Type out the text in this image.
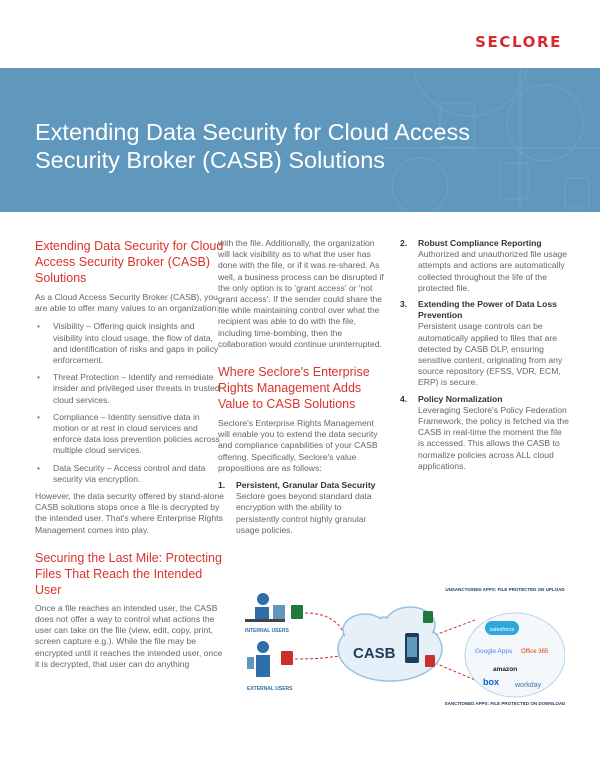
SECLORE
Extending Data Security for Cloud Access Security Broker (CASB) Solutions
Extending Data Security for Cloud Access Security Broker (CASB) Solutions

As a Cloud Access Security Broker (CASB), you are able to offer many values to an organization:

• Visibility – Offering quick insights and visibility into cloud usage, the flow of data, and identification of risks and gaps in policy enforcement.
• Threat Protection – Identify and remediate insider and privileged user threats in trusted cloud services.
• Compliance – Identity sensitive data in motion or at rest in cloud services and enforce data loss prevention policies across multiple cloud services.
• Data Security – Access control and data security via encryption.

However, the data security offered by stand-alone CASB solutions stops once a file is decrypted by the intended user. That's where Enterprise Rights Management comes into play.

Securing the Last Mile: Protecting Files That Reach the Intended User

Once a file reaches an intended user, the CASB does not offer a way to control what actions the user can take on the file (view, edit, copy, print, screen capture e.g.). While the file may be encrypted until it reaches the intended user, once it is decrypted, that user can do anything

with the file. Additionally, the organization will lack visibility as to what the user has done with the file, or if it was re-shared. As well, a business process can be disrupted if the only option is to 'grant access' or 'not grant access'. If the sender could share the file while maintaining control over what the recipient was able to do with the file, including time-bombing, then the collaboration would continue uninterrupted.

Where Seclore's Enterprise Rights Management Adds Value to CASB Solutions

Seclore's Enterprise Rights Management will enable you to extend the data security and compliance capabilities of your CASB offering. Specifically, Seclore's value propositions are as follows:

1. Persistent, Granular Data Security
Seclore goes beyond standard data encryption with the ability to persistently control highly granular usage policies.
2. Robust Compliance Reporting
Authorized and unauthorized file usage attempts and actions are automatically collected throughout the life of the protected file.
3. Extending the Power of Data Loss Prevention
Persistent usage controls can be automatically applied to files that are detected by CASB DLP, ensuring sensitive content, originating from any source repository (EFSS, VDR, ECM, ERP) is secure.
4. Policy Normalization
Leveraging Seclore's Policy Federation Framework, the policy is fetched via the CASB in real-time the moment the file is accessed. This allows the CASB to normalize policies across ALL cloud applications.
INTERNAL USERS
EXTERNAL USERS
CASB
UNSANCTIONED APPS: FILE PROTECTED ON UPLOAD
salesforce
Google Apps Office 365
amazon
box workday
SANCTIONED APPS: FILE PROTECTED ON DOWNLOAD
